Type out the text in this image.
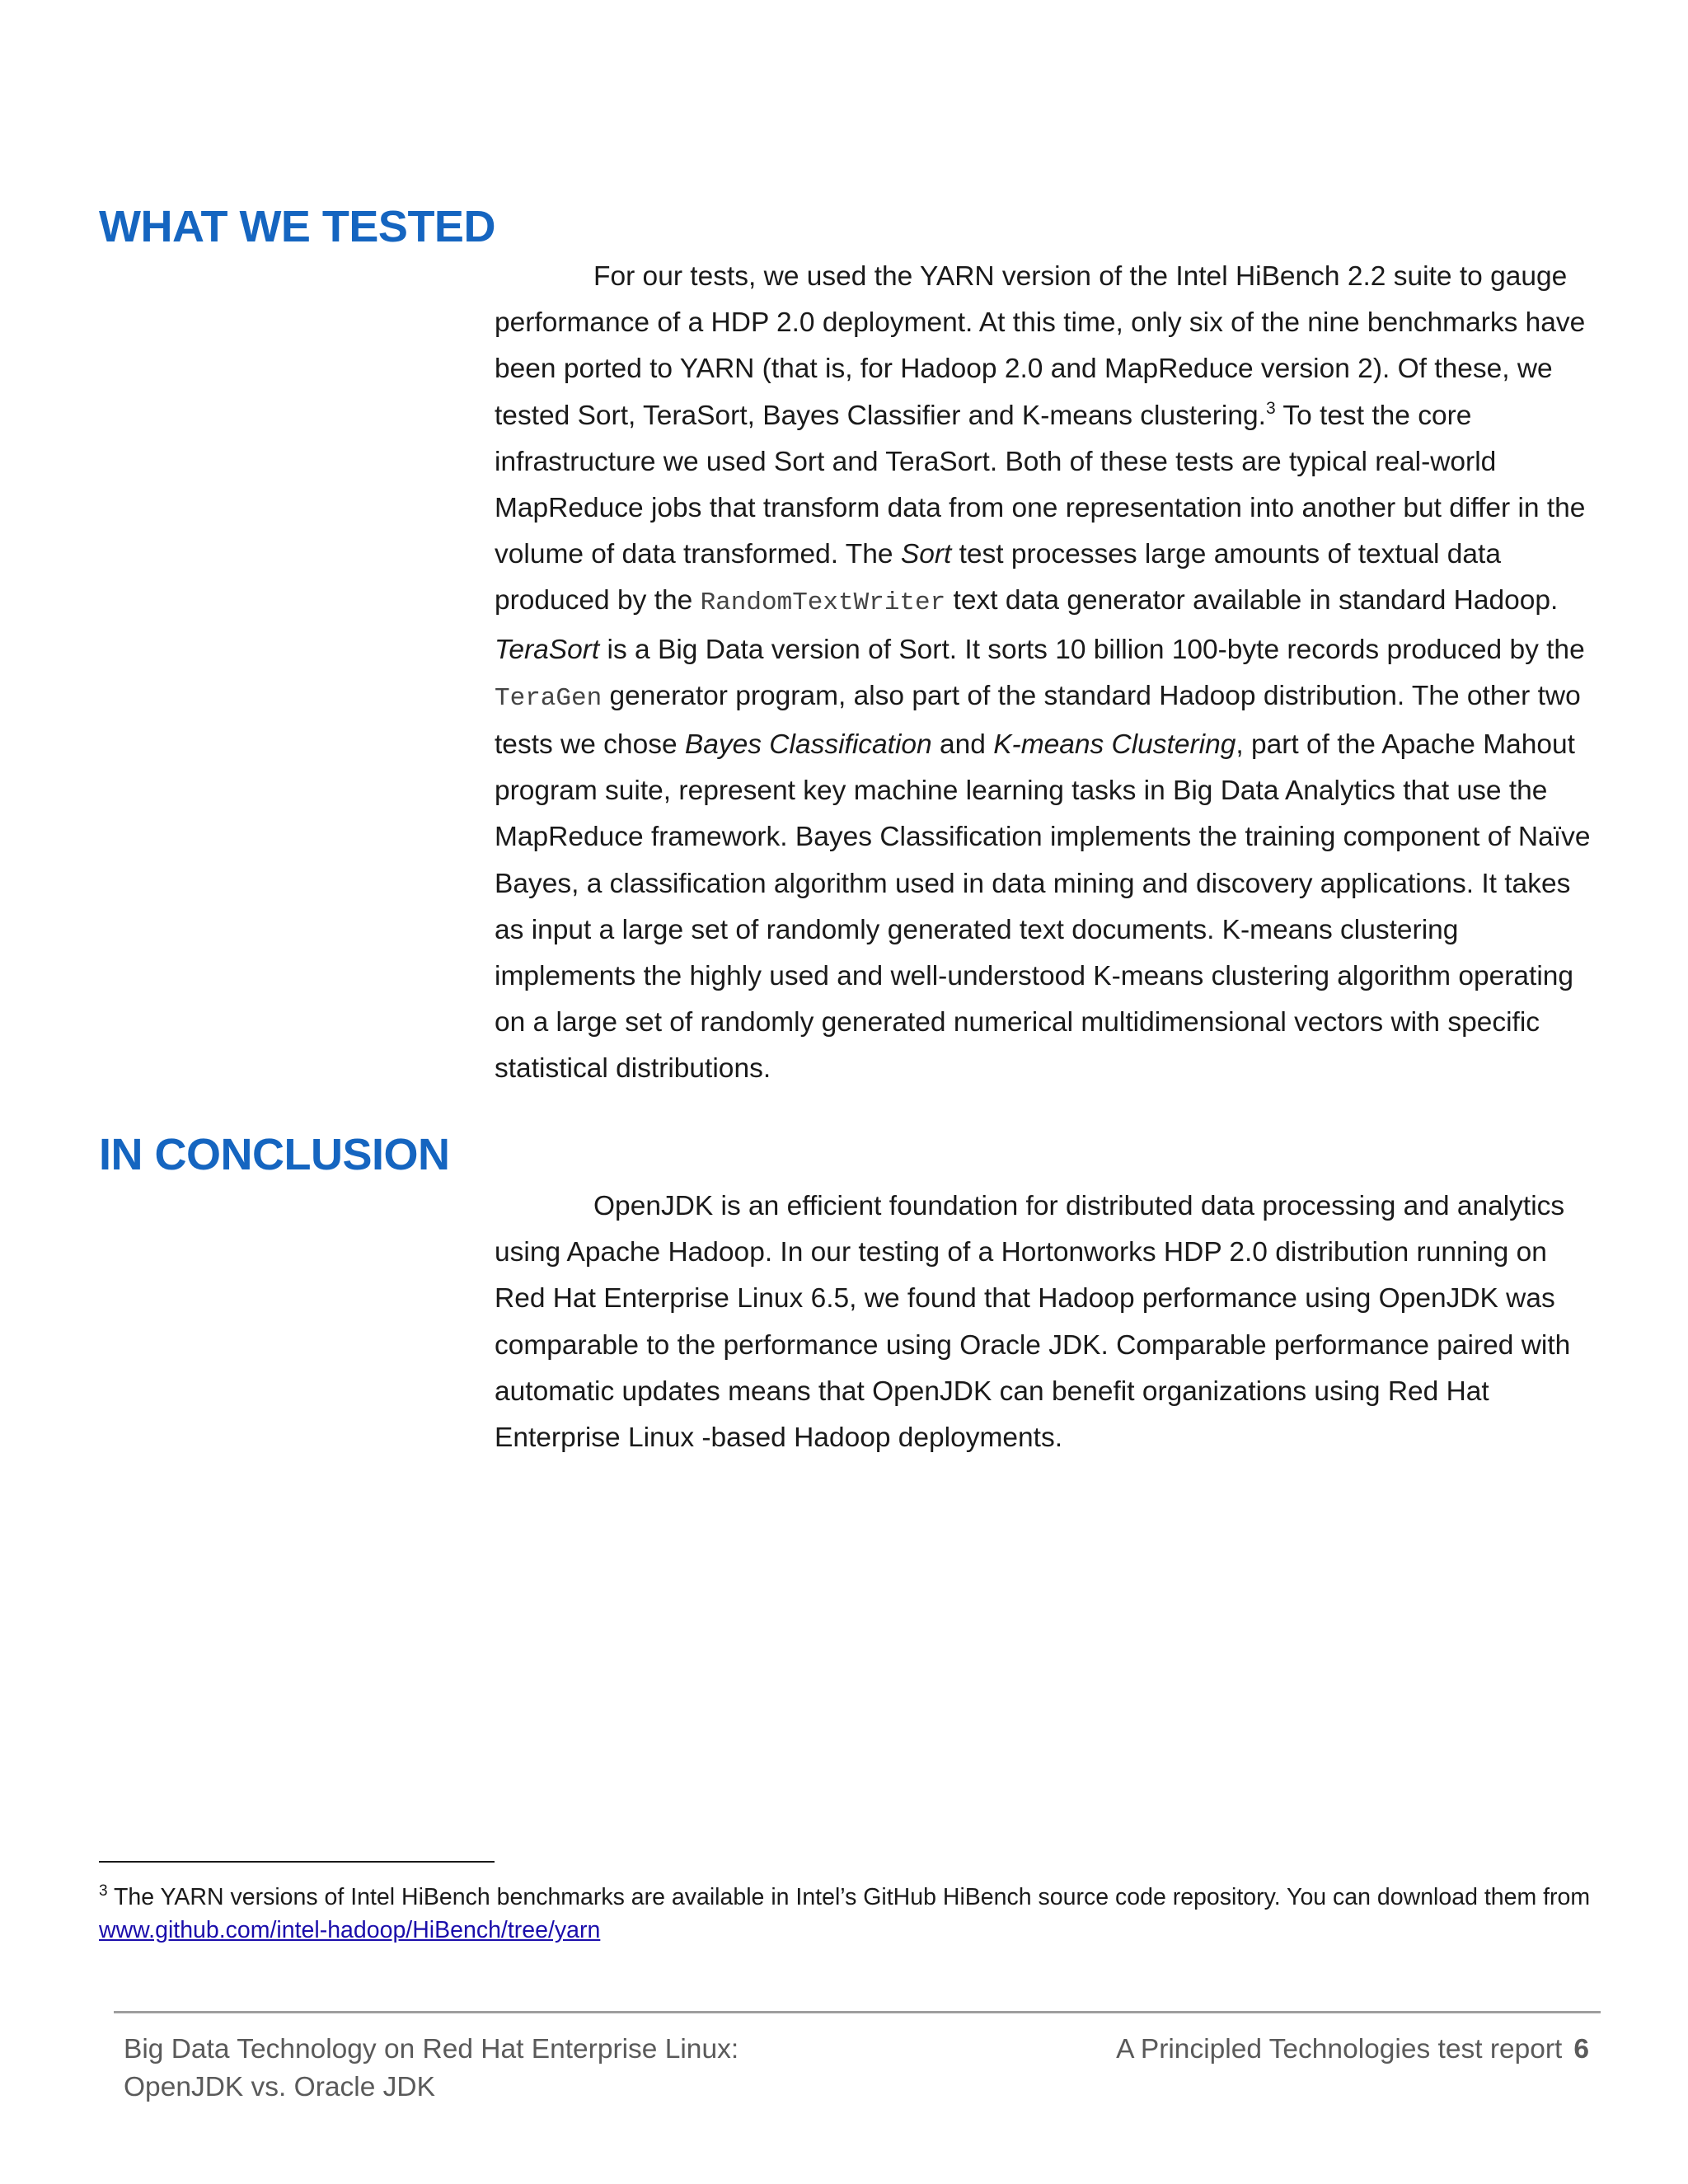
WHAT WE TESTED

For our tests, we used the YARN version of the Intel HiBench 2.2 suite to gauge performance of a HDP 2.0 deployment. At this time, only six of the nine benchmarks have been ported to YARN (that is, for Hadoop 2.0 and MapReduce version 2). Of these, we tested Sort, TeraSort, Bayes Classifier and K-means clustering.$^3$ To test the core infrastructure we used Sort and TeraSort. Both of these tests are typical real-world MapReduce jobs that transform data from one representation into another but differ in the volume of data transformed. The Sort test processes large amounts of textual data produced by the RandomTextWriter text data generator available in standard Hadoop. TeraSort is a Big Data version of Sort. It sorts 10 billion 100-byte records produced by the TeraGen generator program, also part of the standard Hadoop distribution. The other two tests we chose Bayes Classification and K-means Clustering, part of the Apache Mahout program suite, represent key machine learning tasks in Big Data Analytics that use the MapReduce framework. Bayes Classification implements the training component of Naïve Bayes, a classification algorithm used in data mining and discovery applications. It takes as input a large set of randomly generated text documents. K-means clustering implements the highly used and well-understood K-means clustering algorithm operating on a large set of randomly generated numerical multidimensional vectors with specific statistical distributions.

IN CONCLUSION

OpenJDK is an efficient foundation for distributed data processing and analytics using Apache Hadoop. In our testing of a Hortonworks HDP 2.0 distribution running on Red Hat Enterprise Linux 6.5, we found that Hadoop performance using OpenJDK was comparable to the performance using Oracle JDK. Comparable performance paired with automatic updates means that OpenJDK can benefit organizations using Red Hat Enterprise Linux -based Hadoop deployments.

$^3$ The YARN versions of Intel HiBench benchmarks are available in Intel’s GitHub HiBench source code repository. You can download them from www.github.com/intel-hadoop/HiBench/tree/yarn

Big Data Technology on Red Hat Enterprise Linux:
OpenJDK vs. Oracle JDK
A Principled Technologies test report 6
